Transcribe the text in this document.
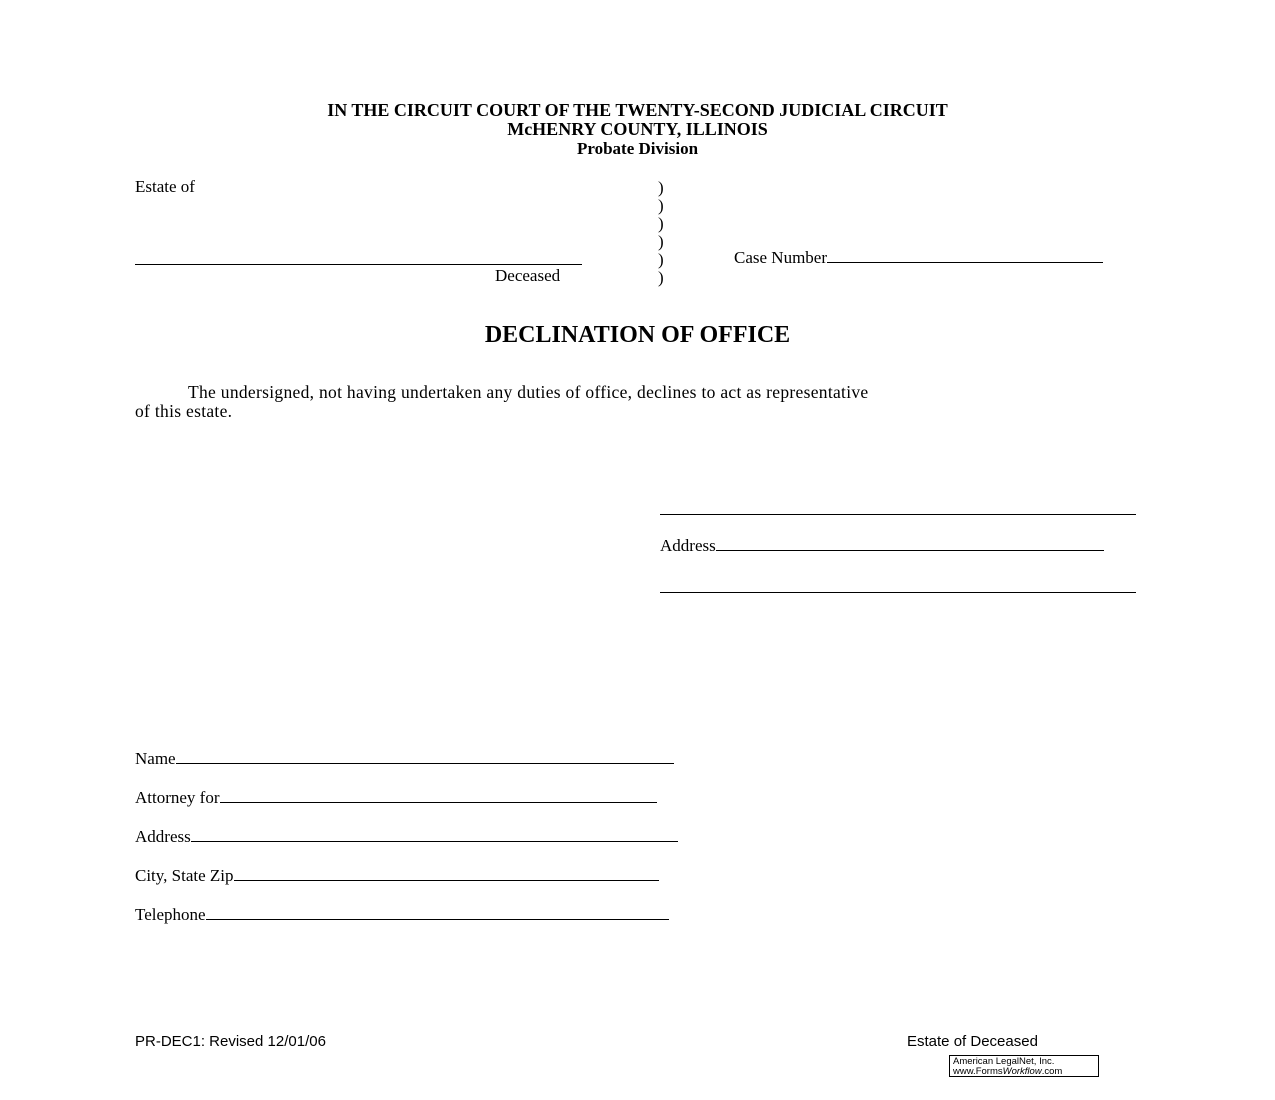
IN THE CIRCUIT COURT OF THE TWENTY-SECOND JUDICIAL CIRCUIT
McHENRY COUNTY, ILLINOIS
Probate Division
Estate of
Deceased
)
)
)
)
)
)
Case Number
DECLINATION OF OFFICE
The undersigned, not having undertaken any duties of office, declines to act as representative
of this estate.
Address
Name
Attorney for
Address
City, State Zip
Telephone
PR-DEC1: Revised 12/01/06	Estate of Deceased
American LegalNet, Inc.
www.FormsWorkflow.com
